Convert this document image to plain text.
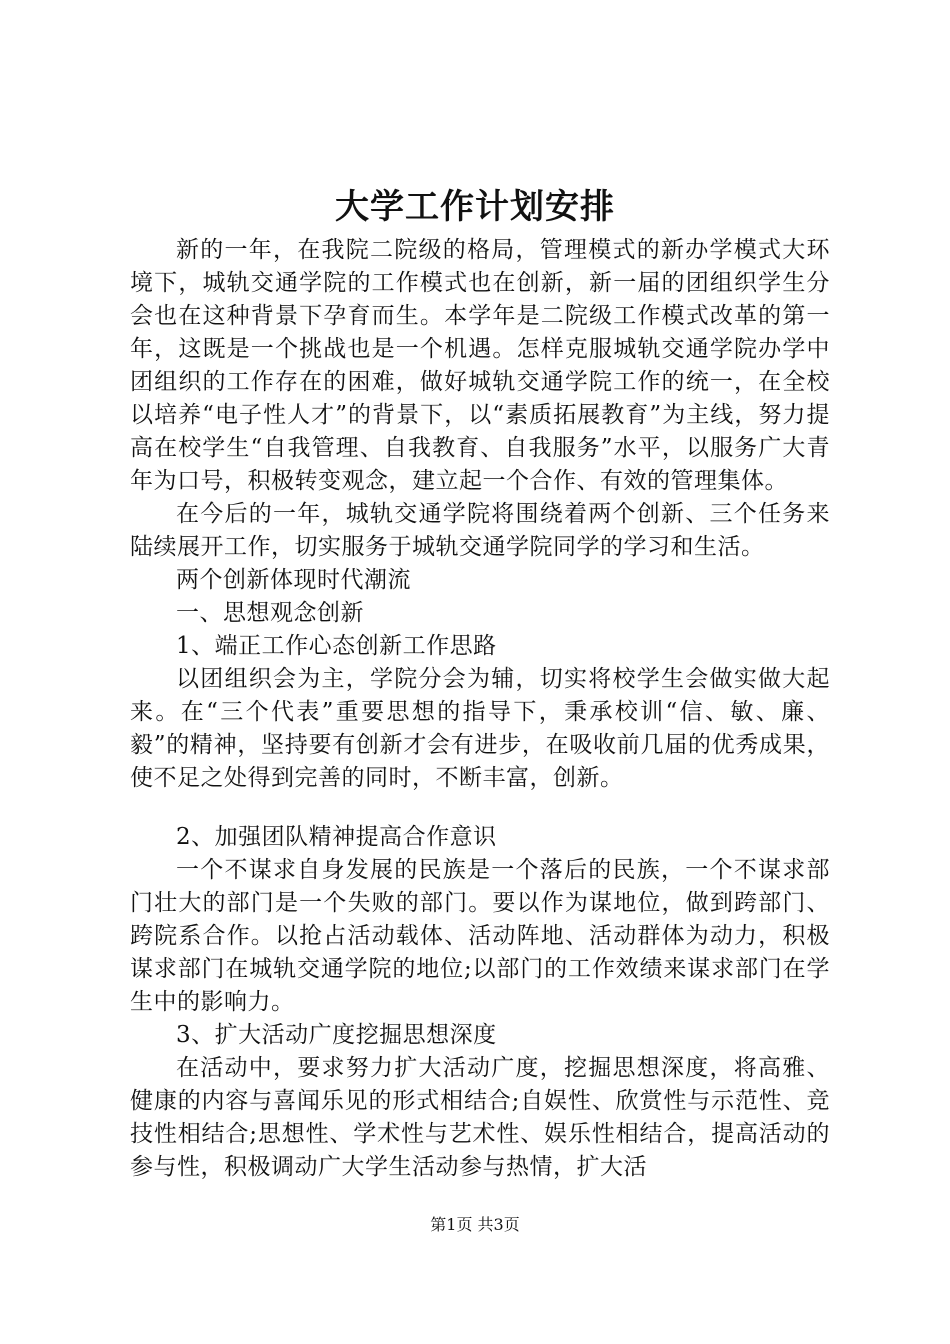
大学工作计划安排

新的一年，在我院二院级的格局，管理模式的新办学模式大环境下，城轨交通学院的工作模式也在创新，新一届的团组织学生分会也在这种背景下孕育而生。本学年是二院级工作模式改革的第一年，这既是一个挑战也是一个机遇。怎样克服城轨交通学院办学中团组织的工作存在的困难，做好城轨交通学院工作的统一，在全校以培养“电子性人才”的背景下，以“素质拓展教育”为主线，努力提高在校学生“自我管理、自我教育、自我服务”水平，以服务广大青年为口号，积极转变观念，建立起一个合作、有效的管理集体。

在今后的一年，城轨交通学院将围绕着两个创新、三个任务来陆续展开工作，切实服务于城轨交通学院同学的学习和生活。

两个创新体现时代潮流

一、思想观念创新

1、端正工作心态创新工作思路

以团组织会为主，学院分会为辅，切实将校学生会做实做大起来。在“三个代表”重要思想的指导下，秉承校训“信、敏、廉、毅”的精神，坚持要有创新才会有进步，在吸收前几届的优秀成果，使不足之处得到完善的同时，不断丰富，创新。

2、加强团队精神提高合作意识

一个不谋求自身发展的民族是一个落后的民族，一个不谋求部门壮大的部门是一个失败的部门。要以作为谋地位，做到跨部门、跨院系合作。以抢占活动载体、活动阵地、活动群体为动力，积极谋求部门在城轨交通学院的地位;以部门的工作效绩来谋求部门在学生中的影响力。

3、扩大活动广度挖掘思想深度

在活动中，要求努力扩大活动广度，挖掘思想深度，将高雅、健康的内容与喜闻乐见的形式相结合;自娱性、欣赏性与示范性、竞技性相结合;思想性、学术性与艺术性、娱乐性相结合，提高活动的参与性，积极调动广大学生活动参与热情，扩大活

第1页 共3页
